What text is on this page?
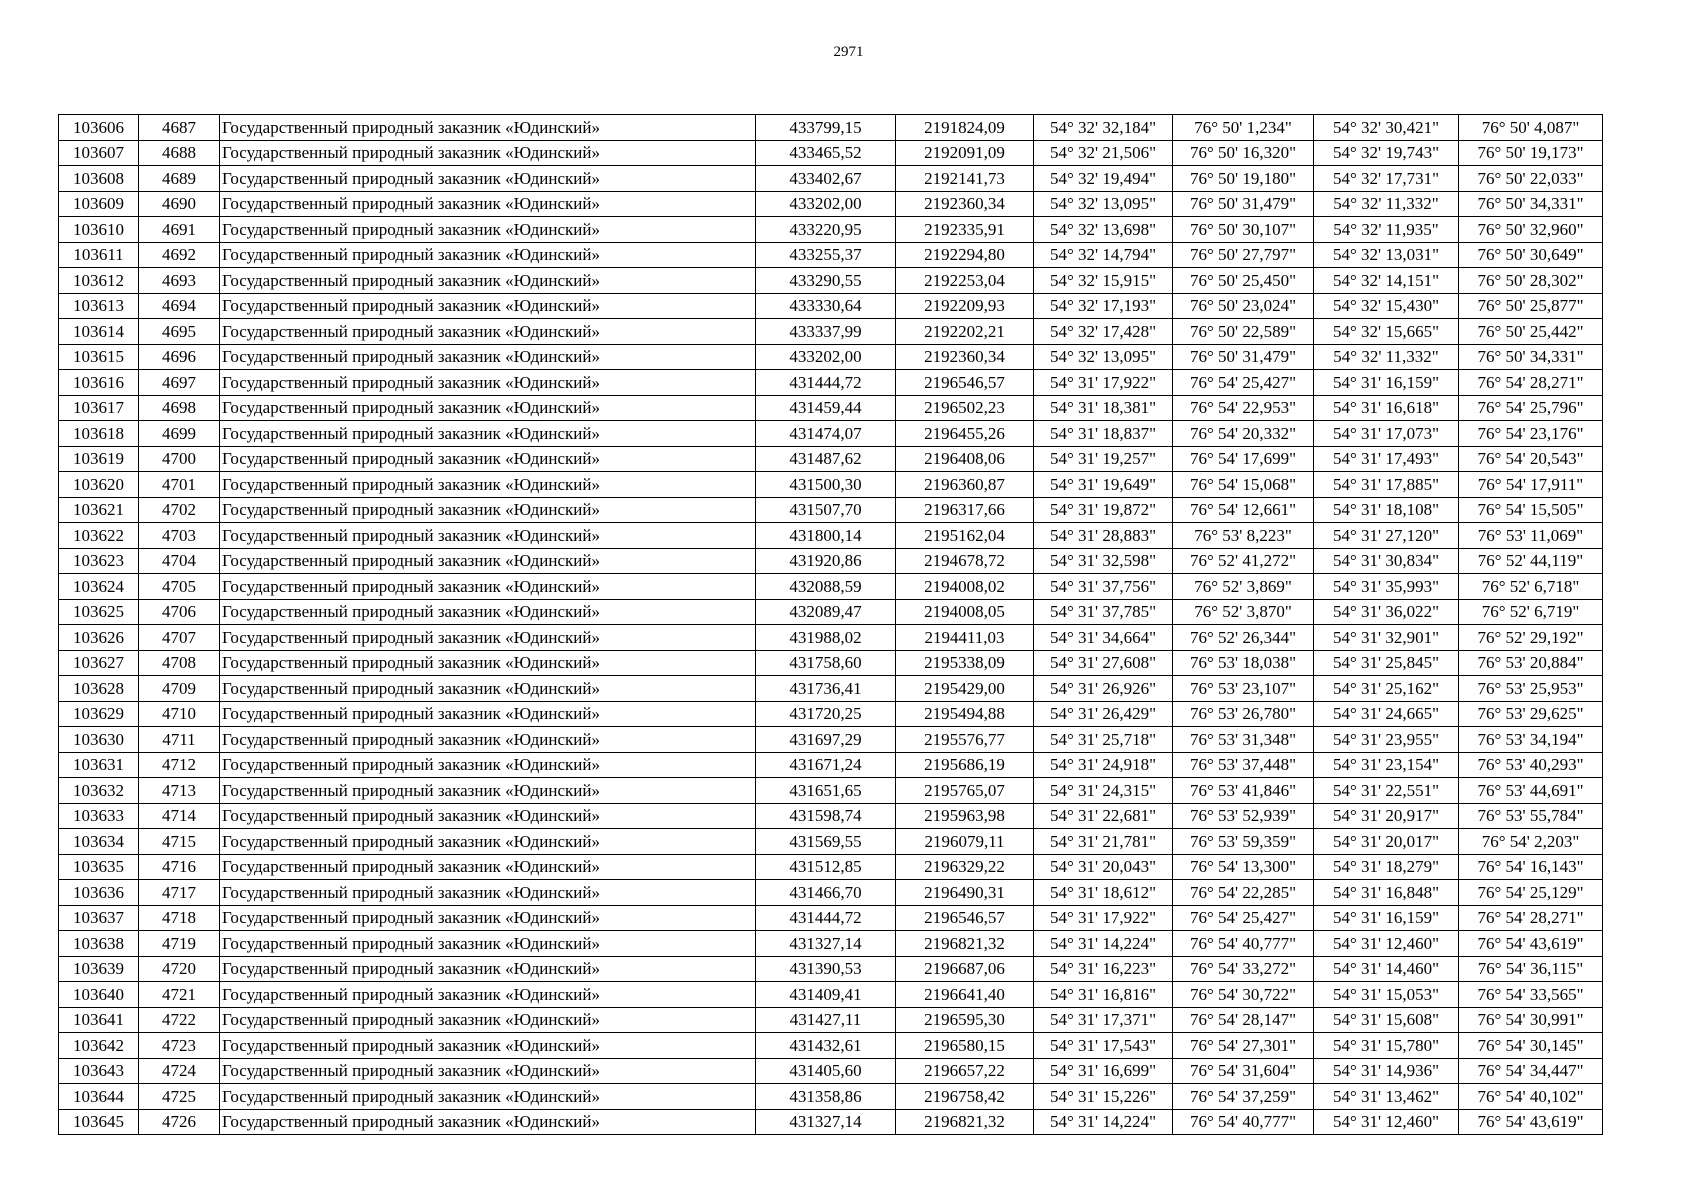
2971
103606	4687	Государственный природный заказник «Юдинский»	433799,15	2191824,09	54° 32' 32,184"	76° 50' 1,234"	54° 32' 30,421"	76° 50' 4,087"
103607	4688	Государственный природный заказник «Юдинский»	433465,52	2192091,09	54° 32' 21,506"	76° 50' 16,320"	54° 32' 19,743"	76° 50' 19,173"
103608	4689	Государственный природный заказник «Юдинский»	433402,67	2192141,73	54° 32' 19,494"	76° 50' 19,180"	54° 32' 17,731"	76° 50' 22,033"
103609	4690	Государственный природный заказник «Юдинский»	433202,00	2192360,34	54° 32' 13,095"	76° 50' 31,479"	54° 32' 11,332"	76° 50' 34,331"
103610	4691	Государственный природный заказник «Юдинский»	433220,95	2192335,91	54° 32' 13,698"	76° 50' 30,107"	54° 32' 11,935"	76° 50' 32,960"
103611	4692	Государственный природный заказник «Юдинский»	433255,37	2192294,80	54° 32' 14,794"	76° 50' 27,797"	54° 32' 13,031"	76° 50' 30,649"
103612	4693	Государственный природный заказник «Юдинский»	433290,55	2192253,04	54° 32' 15,915"	76° 50' 25,450"	54° 32' 14,151"	76° 50' 28,302"
103613	4694	Государственный природный заказник «Юдинский»	433330,64	2192209,93	54° 32' 17,193"	76° 50' 23,024"	54° 32' 15,430"	76° 50' 25,877"
103614	4695	Государственный природный заказник «Юдинский»	433337,99	2192202,21	54° 32' 17,428"	76° 50' 22,589"	54° 32' 15,665"	76° 50' 25,442"
103615	4696	Государственный природный заказник «Юдинский»	433202,00	2192360,34	54° 32' 13,095"	76° 50' 31,479"	54° 32' 11,332"	76° 50' 34,331"
103616	4697	Государственный природный заказник «Юдинский»	431444,72	2196546,57	54° 31' 17,922"	76° 54' 25,427"	54° 31' 16,159"	76° 54' 28,271"
103617	4698	Государственный природный заказник «Юдинский»	431459,44	2196502,23	54° 31' 18,381"	76° 54' 22,953"	54° 31' 16,618"	76° 54' 25,796"
103618	4699	Государственный природный заказник «Юдинский»	431474,07	2196455,26	54° 31' 18,837"	76° 54' 20,332"	54° 31' 17,073"	76° 54' 23,176"
103619	4700	Государственный природный заказник «Юдинский»	431487,62	2196408,06	54° 31' 19,257"	76° 54' 17,699"	54° 31' 17,493"	76° 54' 20,543"
103620	4701	Государственный природный заказник «Юдинский»	431500,30	2196360,87	54° 31' 19,649"	76° 54' 15,068"	54° 31' 17,885"	76° 54' 17,911"
103621	4702	Государственный природный заказник «Юдинский»	431507,70	2196317,66	54° 31' 19,872"	76° 54' 12,661"	54° 31' 18,108"	76° 54' 15,505"
103622	4703	Государственный природный заказник «Юдинский»	431800,14	2195162,04	54° 31' 28,883"	76° 53' 8,223"	54° 31' 27,120"	76° 53' 11,069"
103623	4704	Государственный природный заказник «Юдинский»	431920,86	2194678,72	54° 31' 32,598"	76° 52' 41,272"	54° 31' 30,834"	76° 52' 44,119"
103624	4705	Государственный природный заказник «Юдинский»	432088,59	2194008,02	54° 31' 37,756"	76° 52' 3,869"	54° 31' 35,993"	76° 52' 6,718"
103625	4706	Государственный природный заказник «Юдинский»	432089,47	2194008,05	54° 31' 37,785"	76° 52' 3,870"	54° 31' 36,022"	76° 52' 6,719"
103626	4707	Государственный природный заказник «Юдинский»	431988,02	2194411,03	54° 31' 34,664"	76° 52' 26,344"	54° 31' 32,901"	76° 52' 29,192"
103627	4708	Государственный природный заказник «Юдинский»	431758,60	2195338,09	54° 31' 27,608"	76° 53' 18,038"	54° 31' 25,845"	76° 53' 20,884"
103628	4709	Государственный природный заказник «Юдинский»	431736,41	2195429,00	54° 31' 26,926"	76° 53' 23,107"	54° 31' 25,162"	76° 53' 25,953"
103629	4710	Государственный природный заказник «Юдинский»	431720,25	2195494,88	54° 31' 26,429"	76° 53' 26,780"	54° 31' 24,665"	76° 53' 29,625"
103630	4711	Государственный природный заказник «Юдинский»	431697,29	2195576,77	54° 31' 25,718"	76° 53' 31,348"	54° 31' 23,955"	76° 53' 34,194"
103631	4712	Государственный природный заказник «Юдинский»	431671,24	2195686,19	54° 31' 24,918"	76° 53' 37,448"	54° 31' 23,154"	76° 53' 40,293"
103632	4713	Государственный природный заказник «Юдинский»	431651,65	2195765,07	54° 31' 24,315"	76° 53' 41,846"	54° 31' 22,551"	76° 53' 44,691"
103633	4714	Государственный природный заказник «Юдинский»	431598,74	2195963,98	54° 31' 22,681"	76° 53' 52,939"	54° 31' 20,917"	76° 53' 55,784"
103634	4715	Государственный природный заказник «Юдинский»	431569,55	2196079,11	54° 31' 21,781"	76° 53' 59,359"	54° 31' 20,017"	76° 54' 2,203"
103635	4716	Государственный природный заказник «Юдинский»	431512,85	2196329,22	54° 31' 20,043"	76° 54' 13,300"	54° 31' 18,279"	76° 54' 16,143"
103636	4717	Государственный природный заказник «Юдинский»	431466,70	2196490,31	54° 31' 18,612"	76° 54' 22,285"	54° 31' 16,848"	76° 54' 25,129"
103637	4718	Государственный природный заказник «Юдинский»	431444,72	2196546,57	54° 31' 17,922"	76° 54' 25,427"	54° 31' 16,159"	76° 54' 28,271"
103638	4719	Государственный природный заказник «Юдинский»	431327,14	2196821,32	54° 31' 14,224"	76° 54' 40,777"	54° 31' 12,460"	76° 54' 43,619"
103639	4720	Государственный природный заказник «Юдинский»	431390,53	2196687,06	54° 31' 16,223"	76° 54' 33,272"	54° 31' 14,460"	76° 54' 36,115"
103640	4721	Государственный природный заказник «Юдинский»	431409,41	2196641,40	54° 31' 16,816"	76° 54' 30,722"	54° 31' 15,053"	76° 54' 33,565"
103641	4722	Государственный природный заказник «Юдинский»	431427,11	2196595,30	54° 31' 17,371"	76° 54' 28,147"	54° 31' 15,608"	76° 54' 30,991"
103642	4723	Государственный природный заказник «Юдинский»	431432,61	2196580,15	54° 31' 17,543"	76° 54' 27,301"	54° 31' 15,780"	76° 54' 30,145"
103643	4724	Государственный природный заказник «Юдинский»	431405,60	2196657,22	54° 31' 16,699"	76° 54' 31,604"	54° 31' 14,936"	76° 54' 34,447"
103644	4725	Государственный природный заказник «Юдинский»	431358,86	2196758,42	54° 31' 15,226"	76° 54' 37,259"	54° 31' 13,462"	76° 54' 40,102"
103645	4726	Государственный природный заказник «Юдинский»	431327,14	2196821,32	54° 31' 14,224"	76° 54' 40,777"	54° 31' 12,460"	76° 54' 43,619"
